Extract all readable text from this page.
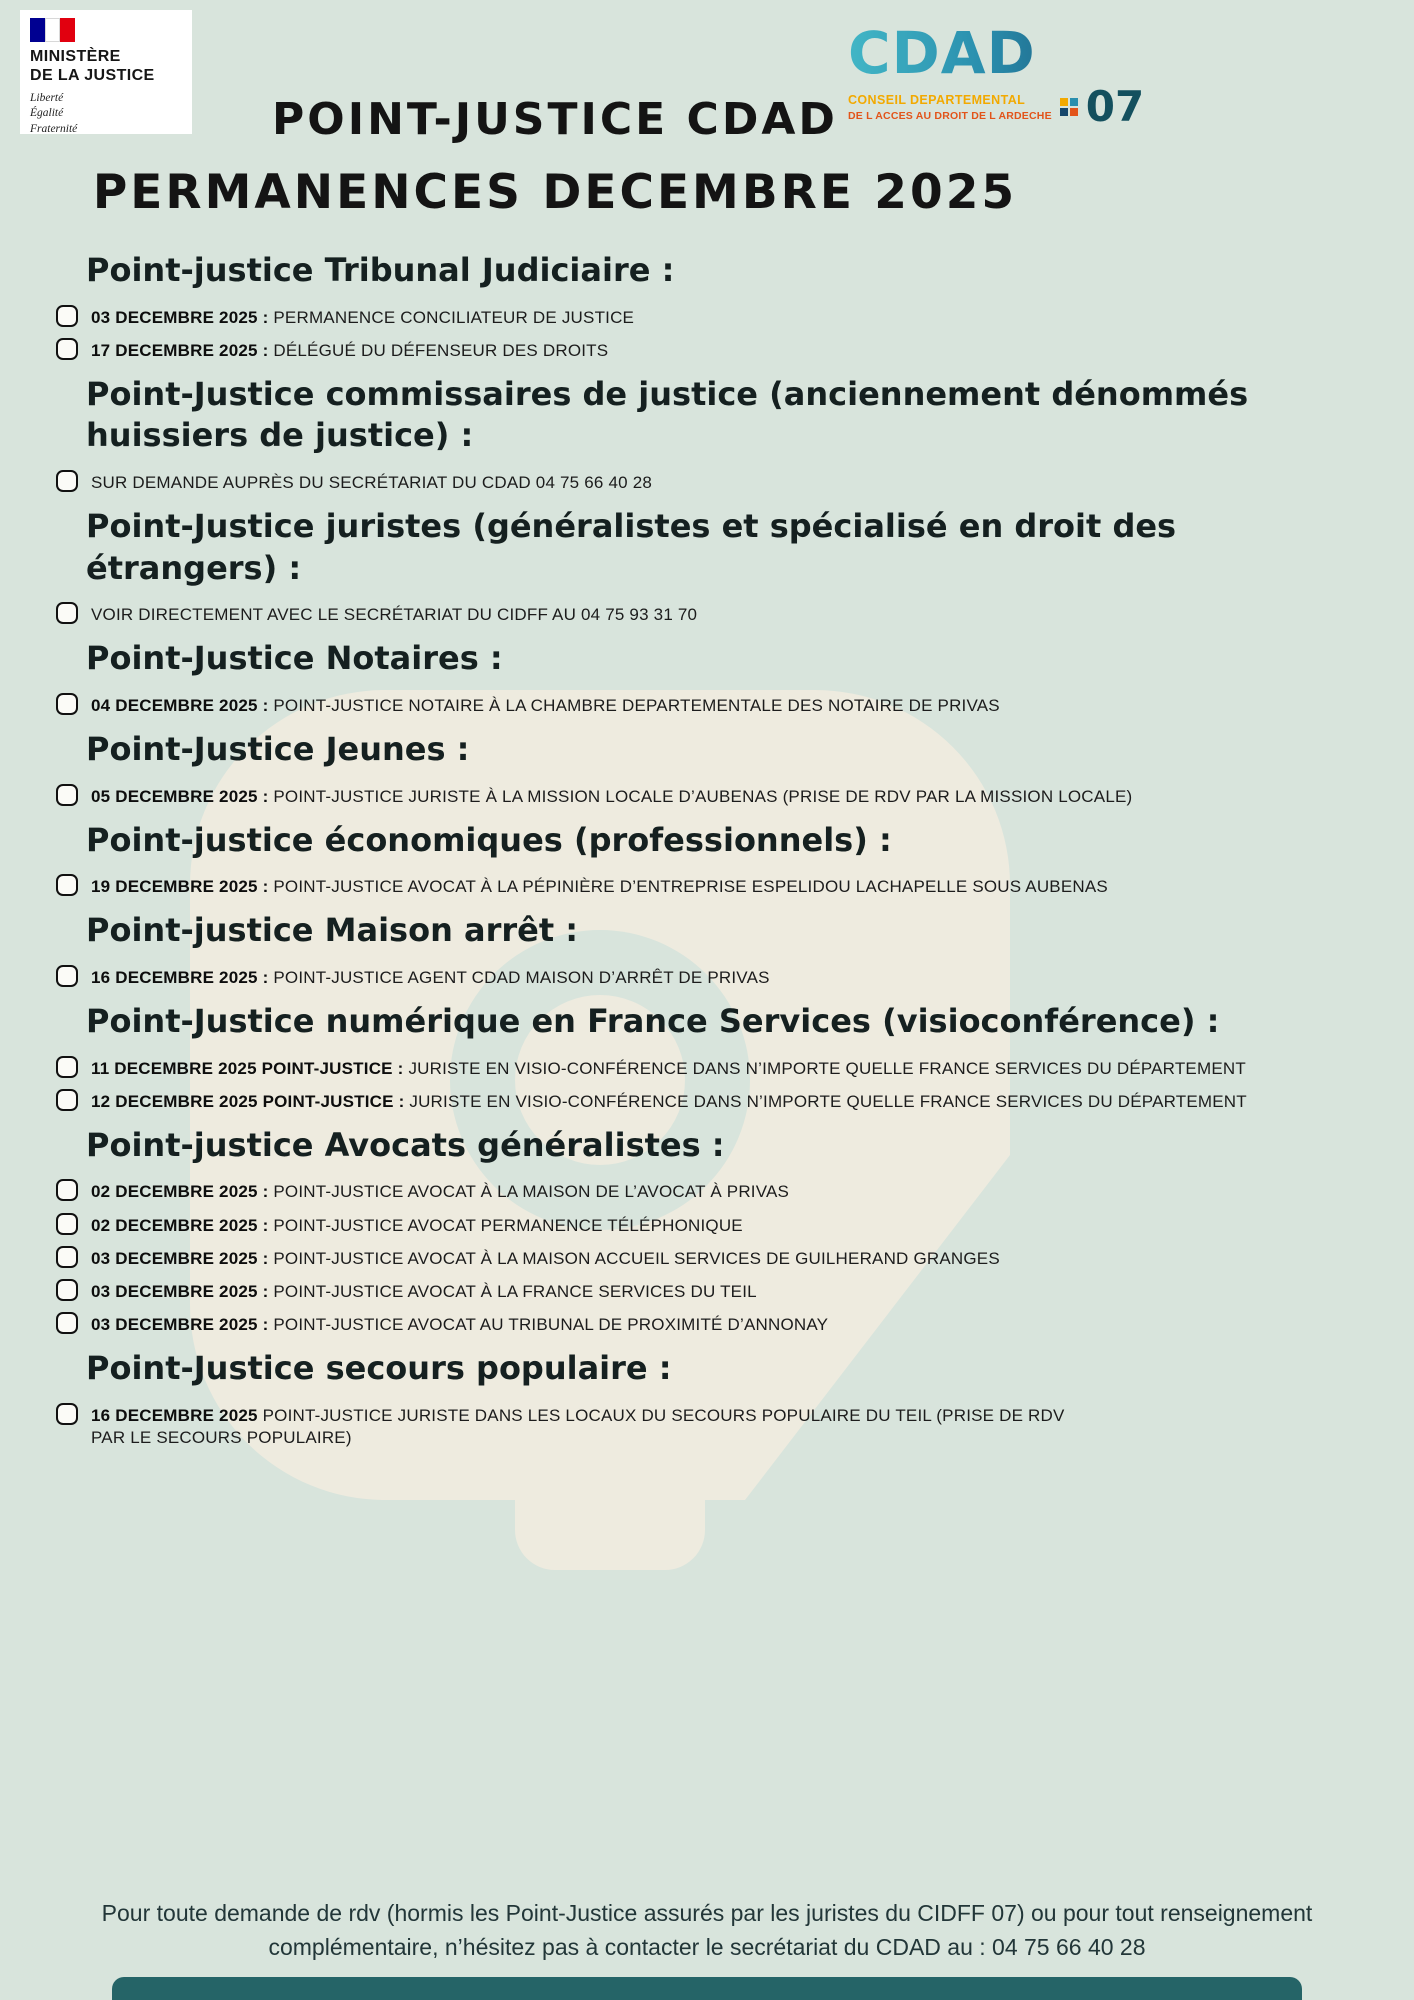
MINISTÈRE
DE LA JUSTICE
Liberté
Égalité
Fraternité
CDAD
CONSEIL DEPARTEMENTAL
DE L ACCES AU DROIT DE L ARDECHE 07
POINT-JUSTICE CDAD
PERMANENCES DECEMBRE 2025
Point-justice Tribunal Judiciaire :

03 DECEMBRE 2025 : PERMANENCE CONCILIATEUR DE JUSTICE

17 DECEMBRE 2025 : DÉLÉGUÉ DU DÉFENSEUR DES DROITS

Point-Justice commissaires de justice (anciennement dénommés huissiers de justice) :

SUR DEMANDE AUPRÈS DU SECRÉTARIAT DU CDAD 04 75 66 40 28

Point-Justice juristes (généralistes et spécialisé en droit des étrangers) :

VOIR DIRECTEMENT AVEC LE SECRÉTARIAT DU CIDFF AU 04 75 93 31 70

Point-Justice Notaires :

04 DECEMBRE 2025 : POINT-JUSTICE NOTAIRE À LA CHAMBRE DEPARTEMENTALE DES NOTAIRE DE PRIVAS

Point-Justice Jeunes :

05 DECEMBRE 2025 : POINT-JUSTICE JURISTE À LA MISSION LOCALE D’AUBENAS (PRISE DE RDV PAR LA MISSION LOCALE)

Point-justice économiques (professionnels) :

19 DECEMBRE 2025 : POINT-JUSTICE AVOCAT À LA PÉPINIÈRE D’ENTREPRISE ESPELIDOU LACHAPELLE SOUS AUBENAS

Point-justice Maison arrêt :

16 DECEMBRE 2025 : POINT-JUSTICE AGENT CDAD MAISON D’ARRÊT DE PRIVAS

Point-Justice numérique en France Services (visioconférence) :

11 DECEMBRE 2025 POINT-JUSTICE : JURISTE EN VISIO-CONFÉRENCE DANS N’IMPORTE QUELLE FRANCE SERVICES DU DÉPARTEMENT

12 DECEMBRE 2025 POINT-JUSTICE : JURISTE EN VISIO-CONFÉRENCE DANS N’IMPORTE QUELLE FRANCE SERVICES DU DÉPARTEMENT

Point-justice Avocats généralistes :

02 DECEMBRE 2025 : POINT-JUSTICE AVOCAT À LA MAISON DE L’AVOCAT À PRIVAS

02 DECEMBRE 2025 : POINT-JUSTICE AVOCAT PERMANENCE TÉLÉPHONIQUE

03 DECEMBRE 2025 : POINT-JUSTICE AVOCAT À LA MAISON ACCUEIL SERVICES DE GUILHERAND GRANGES

03 DECEMBRE 2025 : POINT-JUSTICE AVOCAT À LA FRANCE SERVICES DU TEIL

03 DECEMBRE 2025 : POINT-JUSTICE AVOCAT AU TRIBUNAL DE PROXIMITÉ D’ANNONAY

Point-Justice secours populaire :

16 DECEMBRE 2025 POINT-JUSTICE JURISTE DANS LES LOCAUX DU SECOURS POPULAIRE DU TEIL (PRISE DE RDV PAR LE SECOURS POPULAIRE)

Pour toute demande de rdv (hormis les Point-Justice assurés par les juristes du CIDFF 07) ou pour tout renseignement
complémentaire, n’hésitez pas à contacter le secrétariat du CDAD au : 04 75 66 40 28
